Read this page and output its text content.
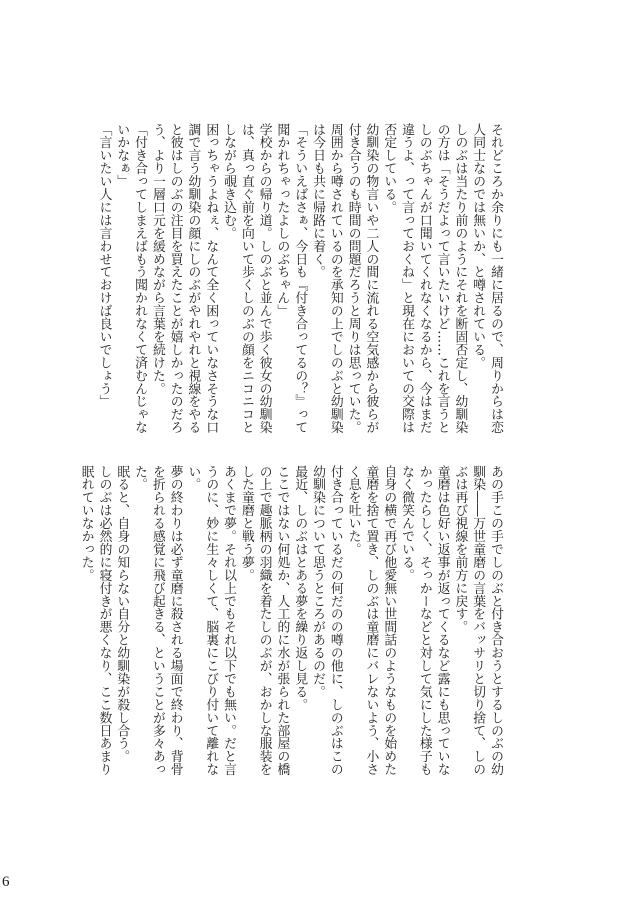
それどころか余りにも一緒に居るので、周りからは恋人同士なのでは無いか、と噂されている。

しのぶは当たり前のようにそれを断固否定し、幼馴染の方は「そうだよって言いたいけど……これを言うとしのぶちゃんが口聞いてくれなくなるから、今はまだ違うよ、って言っておくね」と現在においての交際は否定している。

幼馴染の物言いや二人の間に流れる空気感から彼らが付き合うのも時間の問題だろうと周りは思っていた。

周囲から噂されているのを承知の上でしのぶと幼馴染は今日も共に帰路に着く。

「そういえばさぁ、今日も『付き合ってるの？』って聞かれちゃったよしのぶちゃん」

学校からの帰り道。しのぶと並んで歩く彼女の幼馴染は、真っ直ぐ前を向いて歩くしのぶの顔をニコニコとしながら覗き込む。

困っちゃうよねぇ、なんて全く困っていなさそうな口調で言う幼馴染の顔にしのぶがやれやれと視線をやると彼はしのぶの注目を買えたことが嬉しかったのだろう、より一層口元を緩めながら言葉を続けた。

「付き合ってしまえばもう聞かれなくて済むんじゃないかなぁ」

「言いたい人には言わせておけば良いでしょう」

あの手この手でしのぶと付き合おうとするしのぶの幼馴染――万世童磨の言葉をバッサリと切り捨て、しのぶは再び視線を前方に戻す。

童磨は色好い返事が返ってくるなど露にも思っていなかったらしく、そっかーなどと対して気にした様子もなく微笑んでいる。

自身の横で再び他愛無い世間話のようなものを始めた童磨を捨て置き、しのぶは童磨にバレないよう、小さく息を吐いた。

付き合っているだの何だのの噂の他に、しのぶはこの幼馴染について思うところがあるのだ。

最近、しのぶはとある夢を繰り返し見る。

ここではない何処か、人工的に水が張られた部屋の橋の上で趣脈柄の羽織を着たしのぶが、おかしな服装をした童磨と戦う夢。

あくまで夢。それ以上でもそれ以下でも無い。だと言うのに、妙に生々しくて、脳裏にこびり付いて離れない。

夢の終わりは必ず童磨に殺される場面で終わり、背骨を折られる感覚に飛び起きる、ということが多々あった。

眠ると、自身の知らない自分と幼馴染が殺し合う。

しのぶは必然的に寝付きが悪くなり、ここ数日あまり眠れていなかった。

6
